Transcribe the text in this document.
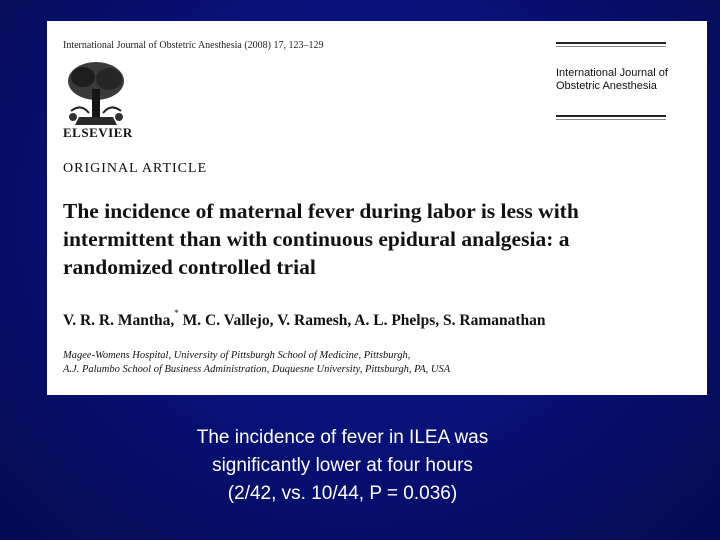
International Journal of Obstetric Anesthesia (2008) 17, 123–129
ELSEVIER
International Journal of
Obstetric Anesthesia
ORIGINAL ARTICLE
The incidence of maternal fever during labor is less with
intermittent than with continuous epidural analgesia: a
randomized controlled trial
V. R. R. Mantha,* M. C. Vallejo, V. Ramesh, A. L. Phelps, S. Ramanathan
Magee-Womens Hospital, University of Pittsburgh School of Medicine, Pittsburgh,
A.J. Palumbo School of Business Administration, Duquesne University, Pittsburgh, PA, USA
The incidence of fever in ILEA was
significantly lower at four hours
(2/42, vs. 10/44, P = 0.036)
